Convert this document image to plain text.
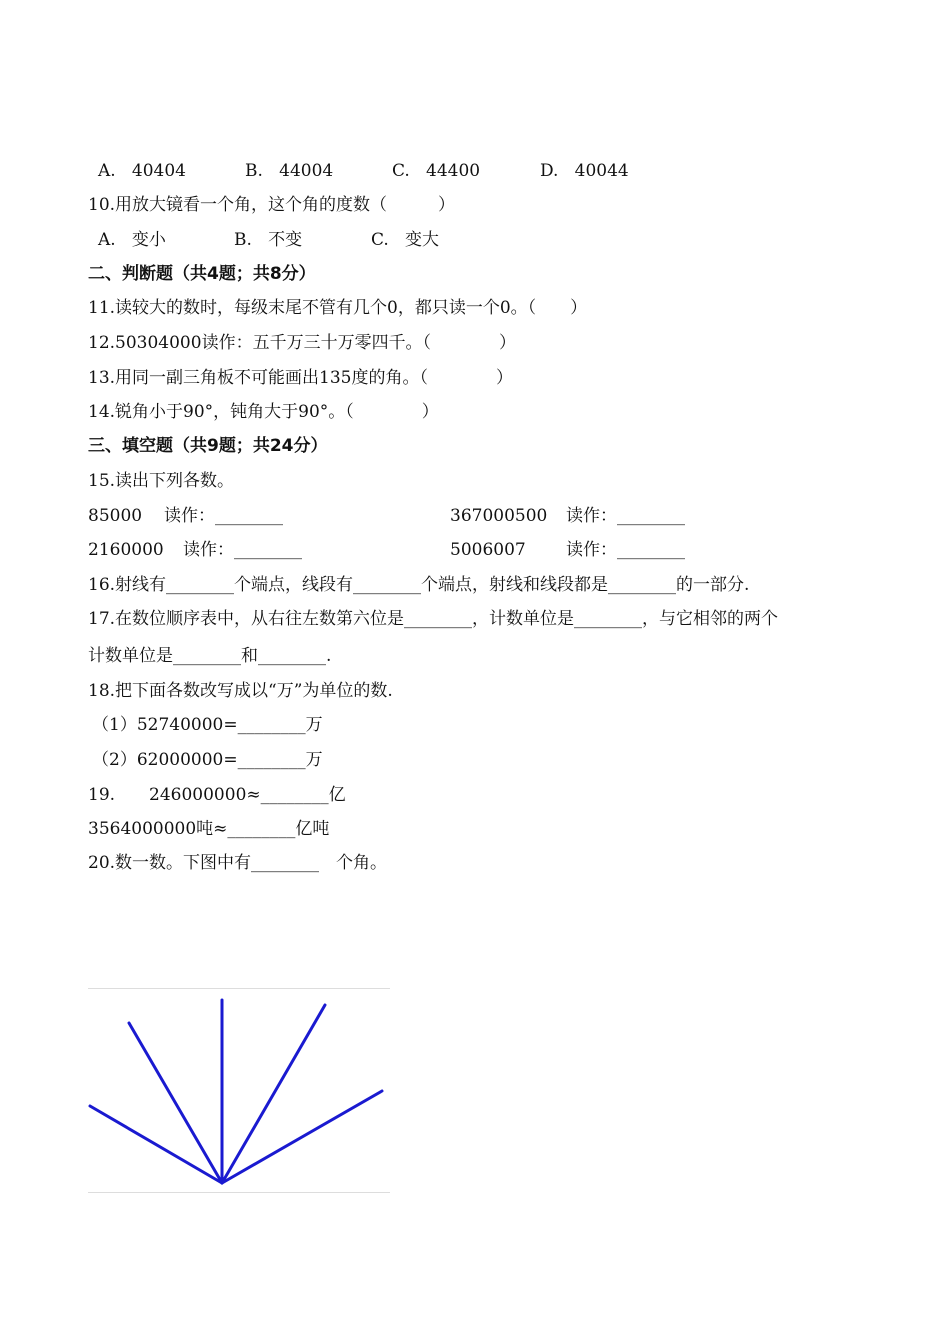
A. 40404	B. 44004	C. 44400	D. 40044
10.用放大镜看一个角，这个角的度数（　　　）
A. 变小	B. 不变	C. 变大
二、判断题（共4题；共8分）
11.读较大的数时，每级末尾不管有几个0，都只读一个0。（　　）
12.50304000读作：五千万三十万零四千。（　　　　）
13.用同一副三角板不可能画出135度的角。（　　　　）
14.锐角小于90°，钝角大于90°。（　　　　）
三、填空题（共9题；共24分）
15.读出下列各数。
85000 读作：________	367000500 读作：________
2160000 读作：________	5006007 读作：________
16.射线有________个端点，线段有________个端点，射线和线段都是________的一部分.
17.在数位顺序表中，从右往左数第六位是________，计数单位是________，与它相邻的两个
计数单位是________和________.
18.把下面各数改写成以“万”为单位的数.
（1）52740000=________万
（2）62000000=________万
19.　　246000000≈________亿
3564000000吨≈________亿吨
20.数一数。下图中有________　个角。
